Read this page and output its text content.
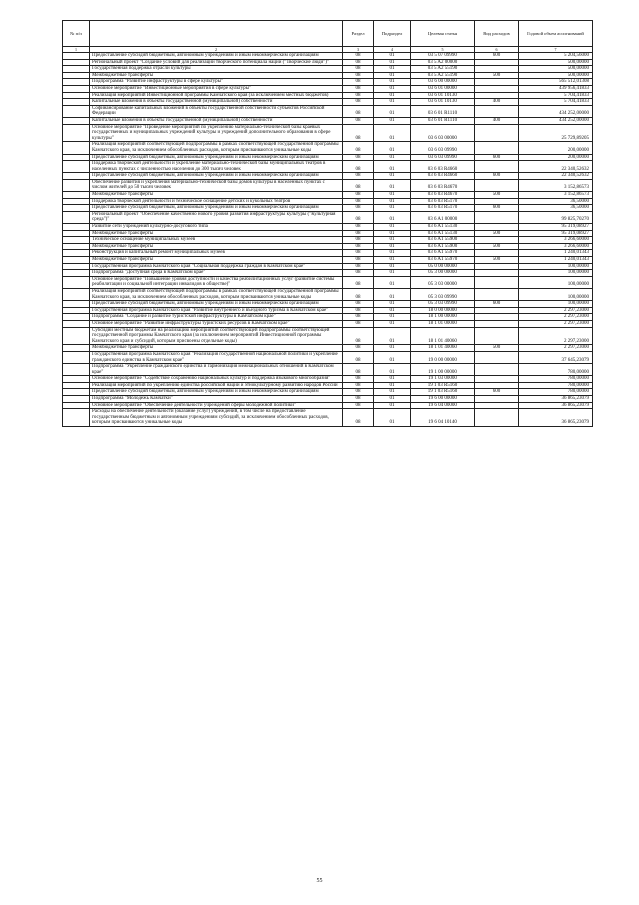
№ п/п		Раздел	Подраздел	Целевая статья	Вид расходов	Годовой объем ассигнований
1	2	3	4	5	6	7
	Предоставление субсидий бюджетным, автономным учреждениям и иным некоммерческим организациям	08	01	03 5 07 09990	600	5 204,56000
	Региональный проект "Создание условий для реализации творческого потенциала нации ("Творческие люди")"	08	01	03 5 A2 00000		500,00000
	Государственная поддержка отрасли культуры	08	01	03 5 A2 55190		500,00000
	Межбюджетные трансферты	08	01	03 5 A2 55190	500	500,00000
	Подпрограмма "Развитие инфраструктуры в сфере культуры"	08	01	03 6 00 00000		565 512,01308
	Основное мероприятие "Инвестиционные мероприятия в сфере культуры"	08	01	03 6 01 00000		439 956,41833
	Реализация мероприятий Инвестиционной программы Камчатского края (за исключением местных бюджетов)	08	01	03 6 01 10130		5 704,41833
	Капитальные вложения в объекты государственной (муниципальной) собственности	08	01	03 6 01 10130	400	5 704,41833
	Софинансирование капитальных вложений в объекты государственной собственности субъектов Российской Федерации	08	01	03 6 01 R1110		434 252,00000
	Капитальные вложения в объекты государственной (муниципальной) собственности	08	01	03 6 01 R1110	400	434 252,00000
	Основное мероприятие "Проведение мероприятий по укреплению материально-технической базы краевых государственных и муниципальных учреждений культуры и учреждений дополнительного образования в сфере культуры"	08	01	03 6 03 00000		25 729,89205
	Реализация мероприятий соответствующей подпрограммы в рамках соответствующей государственной программы Камчатского края, за исключением обособленных расходов, которым присваиваются уникальные коды	08	01	03 6 03 09990		200,00000
	Предоставление субсидий бюджетным, автономным учреждениям и иным некоммерческим организациям	08	01	03 6 03 09990	600	200,00000
	Поддержка творческой деятельности и укрепление материально-технической базы муниципальных театров в населенных пунктах с численностью населения до 300 тысяч человек	08	01	03 6 03 R4660		22 340,52632
	Предоставление субсидий бюджетным, автономным учреждениям и иным некоммерческим организациям	08	01	03 6 03 R4660	600	22 340,52632
	Обеспечение развития и укрепления материально-технической базы домов культуры в населенных пунктах с числом жителей до 50 тысяч человек	08	01	03 6 03 R4670		3 152,86573
	Межбюджетные трансферты	08	01	03 6 03 R4670	500	3 152,86573
	Поддержка творческой деятельности и техническое оснащение детских и кукольных театров	08	01	03 6 03 R5170		36,50000
	Предоставление субсидий бюджетным, автономным учреждениям и иным некоммерческим организациям	08	01	03 6 03 R5170	600	36,50000
	Региональный проект "Обеспечение качественно нового уровня развития инфраструктуры культуры ("Культурная среда")"	08	01	03 6 A1 00000		99 825,70270
	Развитие сети учреждений культурно-досугового типа	08	01	03 6 A1 55130		95 319,08927
	Межбюджетные трансферты	08	01	03 6 A1 55130	500	95 319,08927
	Техническое оснащение муниципальных музеев	08	01	03 6 A1 55900		3 266,60000
	Межбюджетные трансферты	08	01	03 6 A1 55900	500	3 266,60000
	Реконструкция и капитальный ремонт муниципальных музеев	08	01	03 6 A1 55970		1 240,01343
	Межбюджетные трансферты	08	01	03 6 A1 55970	500	1 240,01343
	Государственная программа Камчатского края "Социальная поддержка граждан в Камчатском крае"	08	01	05 0 00 00000		100,00000
	Подпрограмма "Доступная среда в Камчатском крае"	08	01	05 3 00 00000		100,00000
	Основное мероприятие "Повышение уровня доступности и качества реабилитационных услуг (развитие системы реабилитации и социальной интеграции инвалидов в обществе)"	08	01	05 3 03 00000		100,00000
	Реализация мероприятий соответствующей подпрограммы в рамках соответствующей государственной программы Камчатского края, за исключением обособленных расходов, которым присваиваются уникальные коды	08	01	05 3 03 09990		100,00000
	Предоставление субсидий бюджетным, автономным учреждениям и иным некоммерческим организациям	08	01	05 3 03 09990	600	100,00000
	Государственная программа Камчатского края "Развитие внутреннего и въездного туризма в Камчатском крае"	08	01	18 0 00 00000		2 297,23000
	Подпрограмма "Создание и развитие туристской инфраструктуры в Камчатском крае"	08	01	18 1 00 00000		2 297,23000
	Основное мероприятие "Развитие инфраструктуры туристских ресурсов в Камчатском крае"	08	01	18 1 01 00000		2 297,23000
	Субсидии местным бюджетам на реализацию мероприятий соответствующей подпрограммы соответствующей государственной программы Камчатского края (за исключением мероприятий Инвестиционной программы Камчатского края и субсидий, которым присвоены отдельные коды)	08	01	18 1 01 40060		2 297,23000
	Межбюджетные трансферты	08	01	18 1 01 40060	500	2 297,23000
	Государственная программа Камчатского края "Реализация государственной национальной политики и укрепление гражданского единства в Камчатском крае"	08	01	19 0 00 00000		37 645,23079
	Подпрограмма "Укрепление гражданского единства и гармонизация межнациональных отношений в Камчатском крае"	08	01	19 1 00 00000		780,00000
	Основное мероприятие "Содействие сохранению национальных культур и поддержка языкового многообразия"	08	01	19 1 03 00000		780,00000
	Реализация мероприятий по укреплению единства российской нации и этнокультурному развитию народов России	08	01	19 1 03 R5160		780,00000
	Предоставление субсидий бюджетным, автономным учреждениям и иным некоммерческим организациям	08	01	19 1 03 R5160	600	780,00000
	Подпрограмма "Молодежь Камчатки"	08	01	19 6 00 00000		36 865,23079
	Основное мероприятие "Обеспечение деятельности учреждений сферы молодежной политики"	08	01	19 6 04 00000		36 865,23079
	Расходы на обеспечение деятельности (оказание услуг) учреждений, в том числе на предоставление государственным бюджетным и автономным учреждениям субсидий, за исключением обособленных расходов, которым присваиваются уникальные коды	08	01	19 6 04 10140		36 865,23079
55
